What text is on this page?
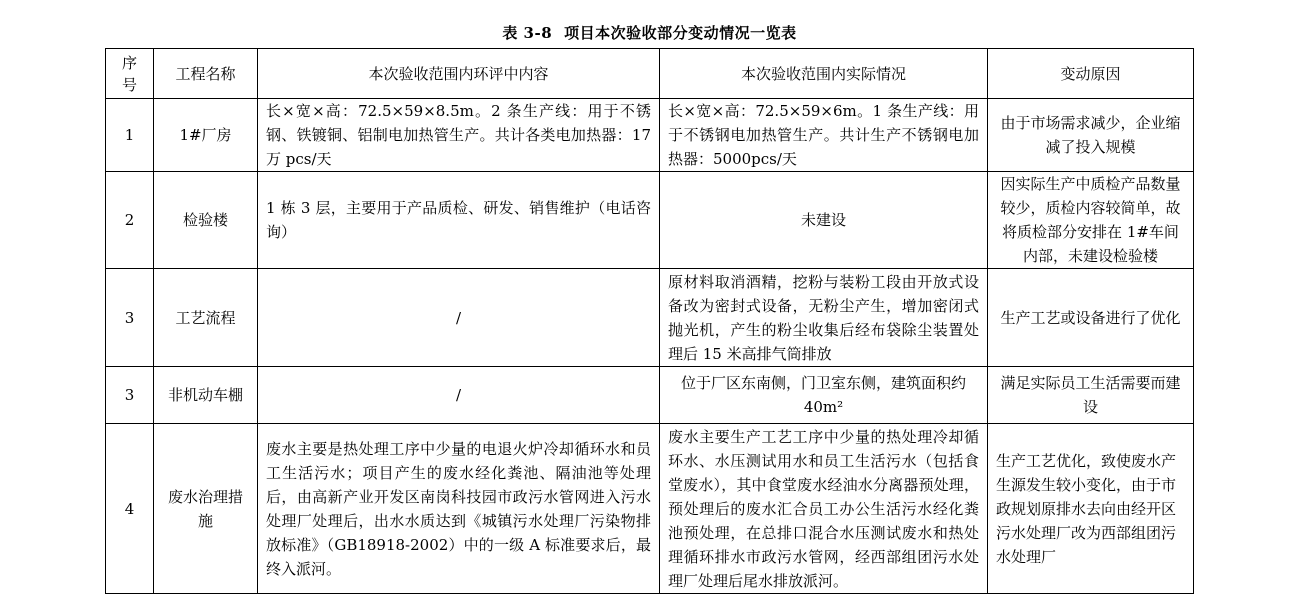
表 3-8 项目本次验收部分变动情况一览表
序号	工程名称	本次验收范围内环评中内容	本次验收范围内实际情况	变动原因
1	1#厂房	长×宽×高：72.5×59×8.5m。2 条生产线：用于不锈钢、铁镀铜、铝制电加热管生产。共计各类电加热器：17 万 pcs/天	长×宽×高：72.5×59×6m。1 条生产线：用于不锈钢电加热管生产。共计生产不锈钢电加热器：5000pcs/天	由于市场需求减少，企业缩减了投入规模
2	检验楼	1 栋 3 层，主要用于产品质检、研发、销售维护（电话咨询）	未建设	因实际生产中质检产品数量较少，质检内容较简单，故将质检部分安排在 1#车间内部，未建设检验楼
3	工艺流程	/	原材料取消酒精，挖粉与装粉工段由开放式设备改为密封式设备，无粉尘产生，增加密闭式抛光机，产生的粉尘收集后经布袋除尘装置处理后 15 米高排气筒排放	生产工艺或设备进行了优化
3	非机动车棚	/	位于厂区东南侧，门卫室东侧，建筑面积约 40m²	满足实际员工生活需要而建设
4	废水治理措施	废水主要是热处理工序中少量的电退火炉冷却循环水和员工生活污水；项目产生的废水经化粪池、隔油池等处理后，由高新产业开发区南岗科技园市政污水管网进入污水处理厂处理后，出水水质达到《城镇污水处理厂污染物排放标准》（GB18918-2002）中的一级 A 标准要求后，最终入派河。	废水主要生产工艺工序中少量的热处理冷却循环水、水压测试用水和员工生活污水（包括食堂废水），其中食堂废水经油水分离器预处理，预处理后的废水汇合员工办公生活污水经化粪池预处理，在总排口混合水压测试废水和热处理循环排水市政污水管网，经西部组团污水处理厂处理后尾水排放派河。	生产工艺优化，致使废水产生源发生较小变化，由于市政规划原排水去向由经开区污水处理厂改为西部组团污水处理厂
